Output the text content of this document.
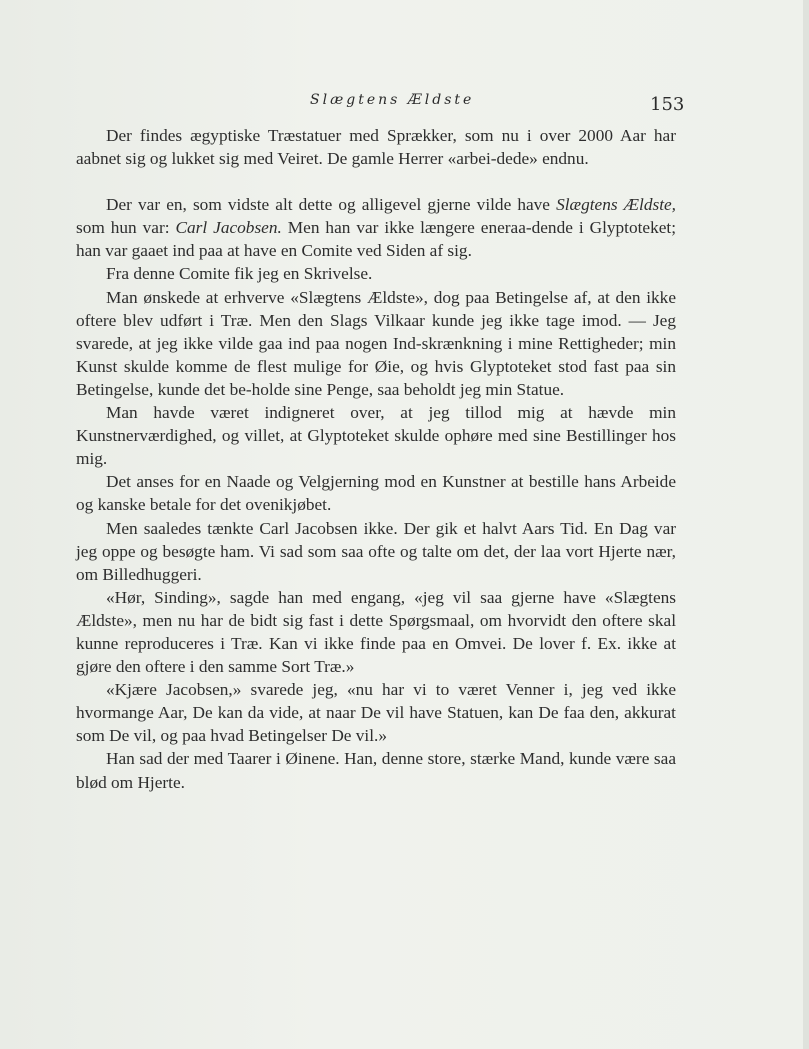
Slægtens Ældste	153

Der findes ægyptiske Træstatuer med Sprækker, som nu i over 2000 Aar har aabnet sig og lukket sig med Veiret. De gamle Herrer «arbei-dede» endnu.

Der var en, som vidste alt dette og alligevel gjerne vilde have Slægtens Ældste, som hun var: Carl Jacobsen. Men han var ikke længere eneraa-dende i Glyptoteket; han var gaaet ind paa at have en Comite ved Siden af sig.

Fra denne Comite fik jeg en Skrivelse.

Man ønskede at erhverve «Slægtens Ældste», dog paa Betingelse af, at den ikke oftere blev udført i Træ. Men den Slags Vilkaar kunde jeg ikke tage imod. — Jeg svarede, at jeg ikke vilde gaa ind paa nogen Ind-skrænkning i mine Rettigheder; min Kunst skulde komme de flest mulige for Øie, og hvis Glyptoteket stod fast paa sin Betingelse, kunde det be-holde sine Penge, saa beholdt jeg min Statue.

Man havde været indigneret over, at jeg tillod mig at hævde min Kunstnerværdighed, og villet, at Glyptoteket skulde ophøre med sine Bestillinger hos mig.

Det anses for en Naade og Velgjerning mod en Kunstner at bestille hans Arbeide og kanske betale for det ovenikjøbet.

Men saaledes tænkte Carl Jacobsen ikke. Der gik et halvt Aars Tid. En Dag var jeg oppe og besøgte ham. Vi sad som saa ofte og talte om det, der laa vort Hjerte nær, om Billedhuggeri.

«Hør, Sinding», sagde han med engang, «jeg vil saa gjerne have «Slægtens Ældste», men nu har de bidt sig fast i dette Spørgsmaal, om hvorvidt den oftere skal kunne reproduceres i Træ. Kan vi ikke finde paa en Omvei. De lover f. Ex. ikke at gjøre den oftere i den samme Sort Træ.»

«Kjære Jacobsen,» svarede jeg, «nu har vi to været Venner i, jeg ved ikke hvormange Aar, De kan da vide, at naar De vil have Statuen, kan De faa den, akkurat som De vil, og paa hvad Betingelser De vil.»

Han sad der med Taarer i Øinene. Han, denne store, stærke Mand, kunde være saa blød om Hjerte.
